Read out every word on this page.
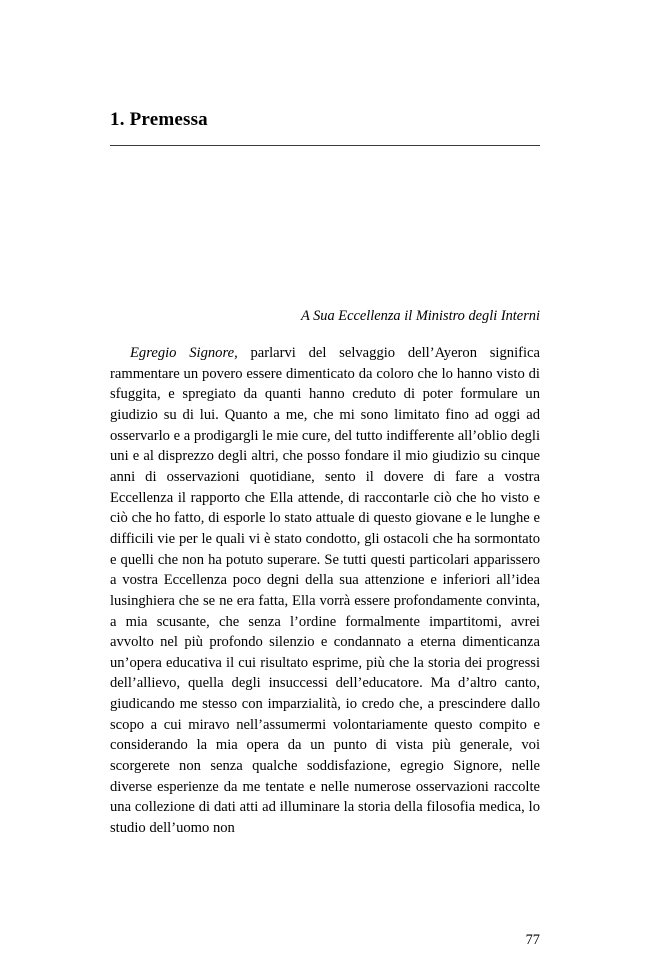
1. Premessa
A Sua Eccellenza il Ministro degli Interni

Egregio Signore, parlarvi del selvaggio dell’Ayeron significa rammentare un povero essere dimenticato da coloro che lo hanno visto di sfuggita, e spregiato da quanti hanno creduto di poter formulare un giudizio su di lui. Quanto a me, che mi sono limitato fino ad oggi ad osservarlo e a prodigargli le mie cure, del tutto indifferente all’oblio degli uni e al disprezzo degli altri, che posso fondare il mio giudizio su cinque anni di osservazioni quotidiane, sento il dovere di fare a vostra Eccellenza il rapporto che Ella attende, di raccontarle ciò che ho visto e ciò che ho fatto, di esporle lo stato attuale di questo giovane e le lunghe e difficili vie per le quali vi è stato condotto, gli ostacoli che ha sormontato e quelli che non ha potuto superare. Se tutti questi particolari apparissero a vostra Eccellenza poco degni della sua attenzione e inferiori all’idea lusinghiera che se ne era fatta, Ella vorrà essere profondamente convinta, a mia scusante, che senza l’ordine formalmente impartitomi, avrei avvolto nel più profondo silenzio e condannato a eterna dimenticanza un’opera educativa il cui risultato esprime, più che la storia dei progressi dell’allievo, quella degli insuccessi dell’educatore. Ma d’altro canto, giudicando me stesso con imparzialità, io credo che, a prescindere dallo scopo a cui miravo nell’assumermi volontariamente questo compito e considerando la mia opera da un punto di vista più generale, voi scorgerete non senza qualche soddisfazione, egregio Signore, nelle diverse esperienze da me tentate e nelle numerose osservazioni raccolte una collezione di dati atti ad illuminare la storia della filosofia medica, lo studio dell’uomo non

77
